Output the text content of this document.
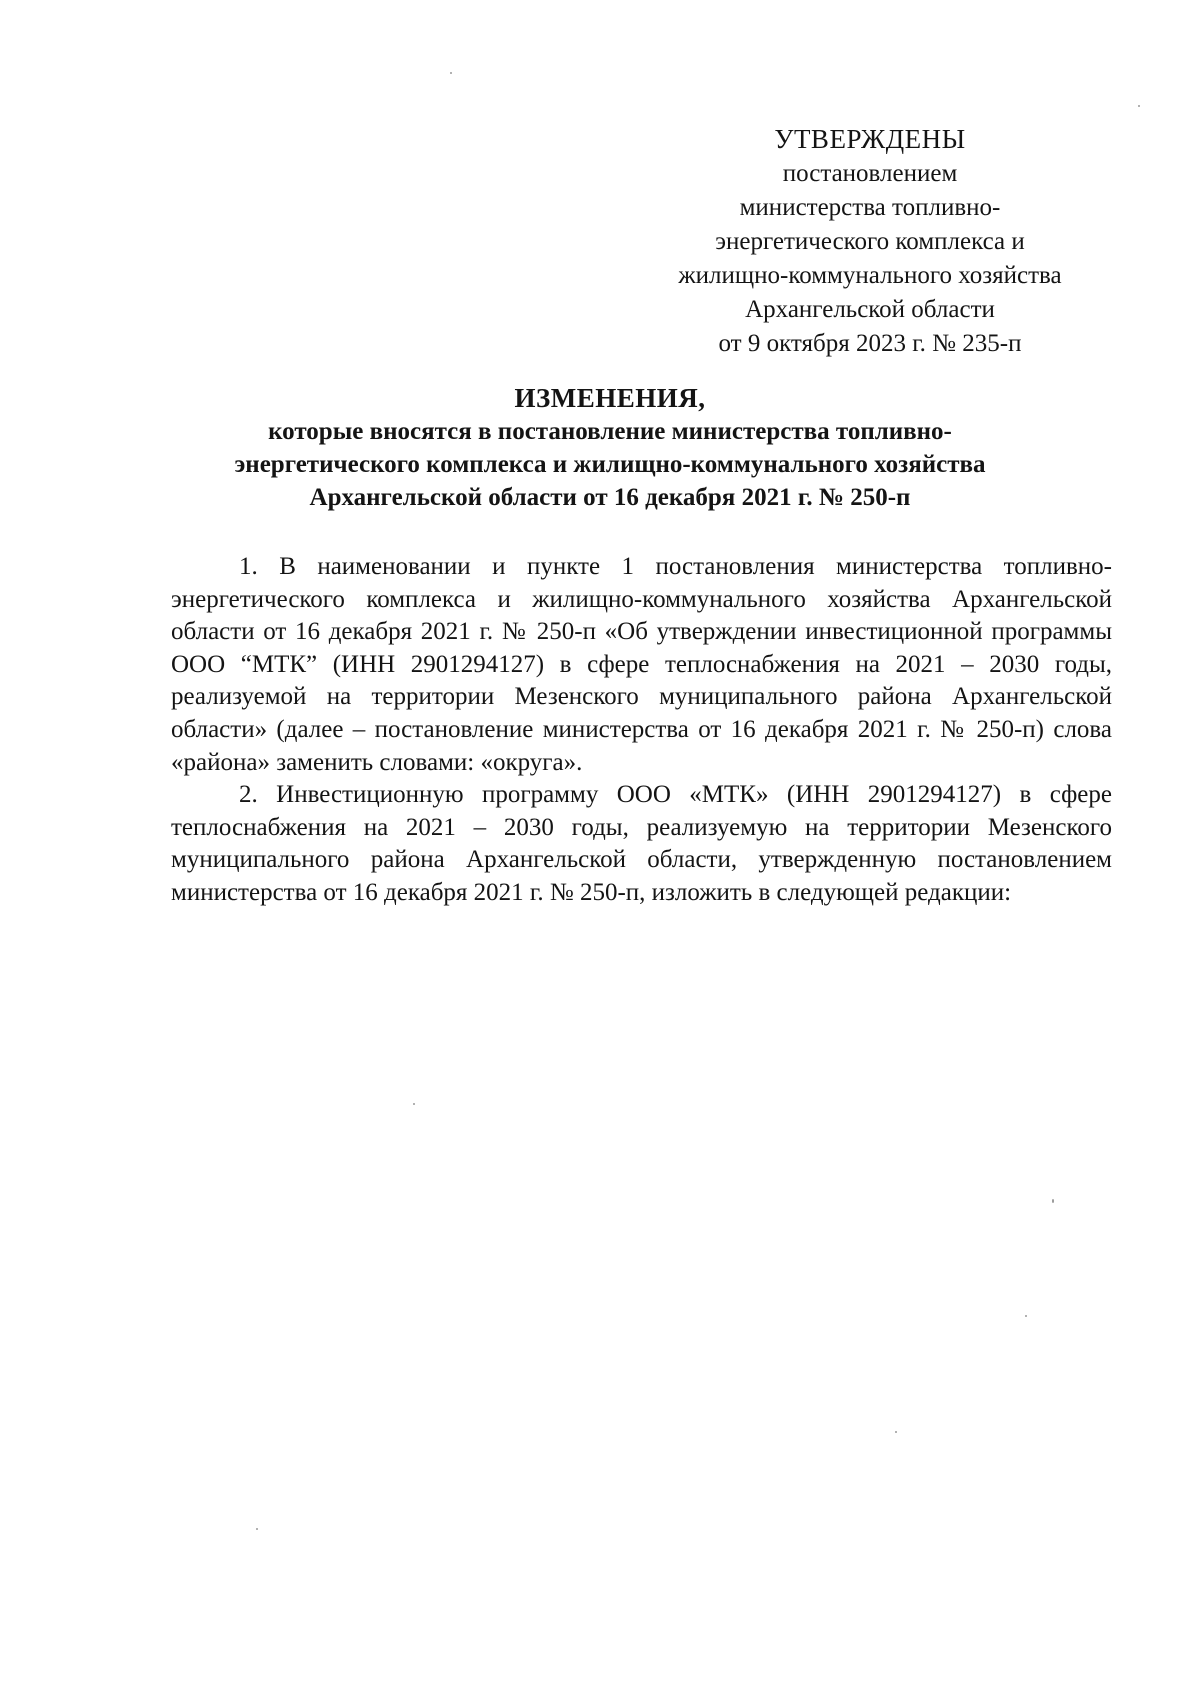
УТВЕРЖДЕНЫ
постановлением
министерства топливно-
энергетического комплекса и
жилищно-коммунального хозяйства
Архангельской области
от 9 октября 2023 г. № 235-п
ИЗМЕНЕНИЯ,
которые вносятся в постановление министерства топливно-
энергетического комплекса и жилищно-коммунального хозяйства
Архангельской области от 16 декабря 2021 г. № 250-п

1. В наименовании и пункте 1 постановления министерства топливно-энергетического комплекса и жилищно-коммунального хозяйства Архангельской области от 16 декабря 2021 г. № 250-п «Об утверждении инвестиционной программы ООО “МТК” (ИНН 2901294127) в сфере теплоснабжения на 2021 – 2030 годы, реализуемой на территории Мезенского муниципального района Архангельской области» (далее – постановление министерства от 16 декабря 2021 г. № 250-п) слова «района» заменить словами: «округа».

2. Инвестиционную программу ООО «МТК» (ИНН 2901294127) в сфере теплоснабжения на 2021 – 2030 годы, реализуемую на территории Мезенского муниципального района Архангельской области, утвержденную постановлением министерства от 16 декабря 2021 г. № 250-п, изложить в следующей редакции:
